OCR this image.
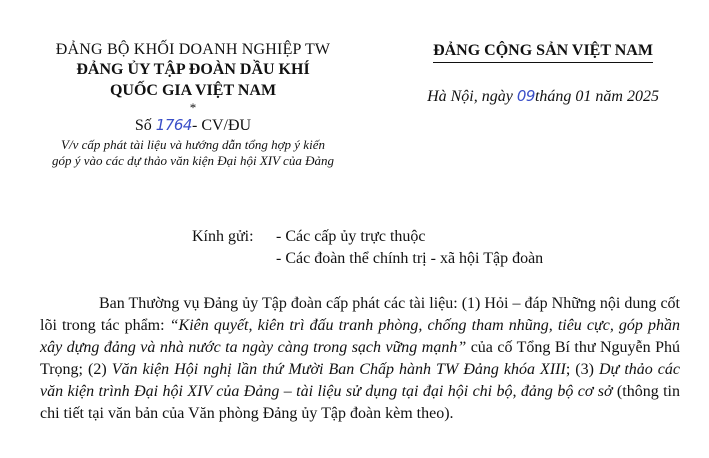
ĐẢNG BỘ KHỐI DOANH NGHIỆP TW
ĐẢNG ỦY TẬP ĐOÀN DẦU KHÍ
QUỐC GIA VIỆT NAM
*
Số 1764- CV/ĐU
V/v cấp phát tài liệu và hướng dẫn tổng hợp ý kiến
góp ý vào các dự thảo văn kiện Đại hội XIV của Đảng
ĐẢNG CỘNG SẢN VIỆT NAM
Hà Nội, ngày 09tháng 01 năm 2025
Kính gửi:	- Các cấp ủy trực thuộc
- Các đoàn thể chính trị - xã hội Tập đoàn
Ban Thường vụ Đảng ủy Tập đoàn cấp phát các tài liệu: (1) Hỏi – đáp Những nội dung cốt lõi trong tác phẩm: “Kiên quyết, kiên trì đấu tranh phòng, chống tham nhũng, tiêu cực, góp phần xây dựng đảng và nhà nước ta ngày càng trong sạch vững mạnh” của cố Tổng Bí thư Nguyễn Phú Trọng; (2) Văn kiện Hội nghị lần thứ Mười Ban Chấp hành TW Đảng khóa XIII; (3) Dự thảo các văn kiện trình Đại hội XIV của Đảng – tài liệu sử dụng tại đại hội chi bộ, đảng bộ cơ sở (thông tin chi tiết tại văn bản của Văn phòng Đảng ủy Tập đoàn kèm theo).
